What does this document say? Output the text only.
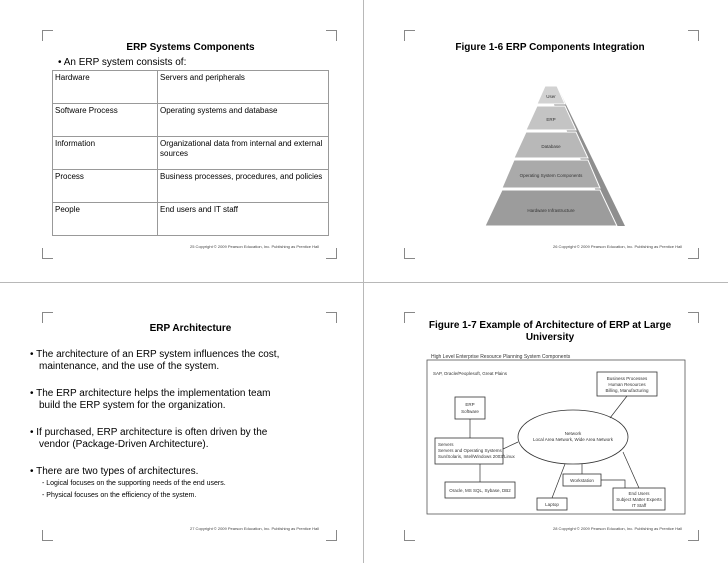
ERP Systems Components
• An ERP system consists of:
Hardware	Servers and peripherals
Software Process	Operating systems and database
Information	Organizational data from internal and external sources
Process	Business processes, procedures, and policies
People	End users and IT staff
25 Copyright © 2009 Pearson Education, Inc. Publishing as Prentice Hall
Figure 1-6 ERP Components Integration
User
ERP
Database
Operating System Components
Hardware Infrastructure
26 Copyright © 2009 Pearson Education, Inc. Publishing as Prentice Hall
ERP Architecture
• The architecture of an ERP system influences the cost,
maintenance, and the use of the system.
• The ERP architecture helps the implementation team
build the ERP system for the organization.
• If purchased, ERP architecture is often driven by the
vendor (Package-Driven Architecture).
• There are two types of architectures.
- Logical focuses on the supporting needs of the end users.
- Physical focuses on the efficiency of the system.
27 Copyright © 2009 Pearson Education, Inc. Publishing as Prentice Hall
Figure 1-7 Example of Architecture of ERP at Large
University
High Level Enterprise Resource Planning System Components
SAP, Oracle/Peoplesoft, Great Plains
ERP
Software
Business Processes
Human Resources
Billing, Manufacturing
Network
Local Area Network, Wide Area Network
Servers
Servers and Operating Systems
Sun/Solaris, Intel/Windows 2003/Linux
Workstation
Oracle, MS SQL, Sybase, DB2
Laptop
End Users
Subject Matter Experts
IT Staff
28 Copyright © 2009 Pearson Education, Inc. Publishing as Prentice Hall
